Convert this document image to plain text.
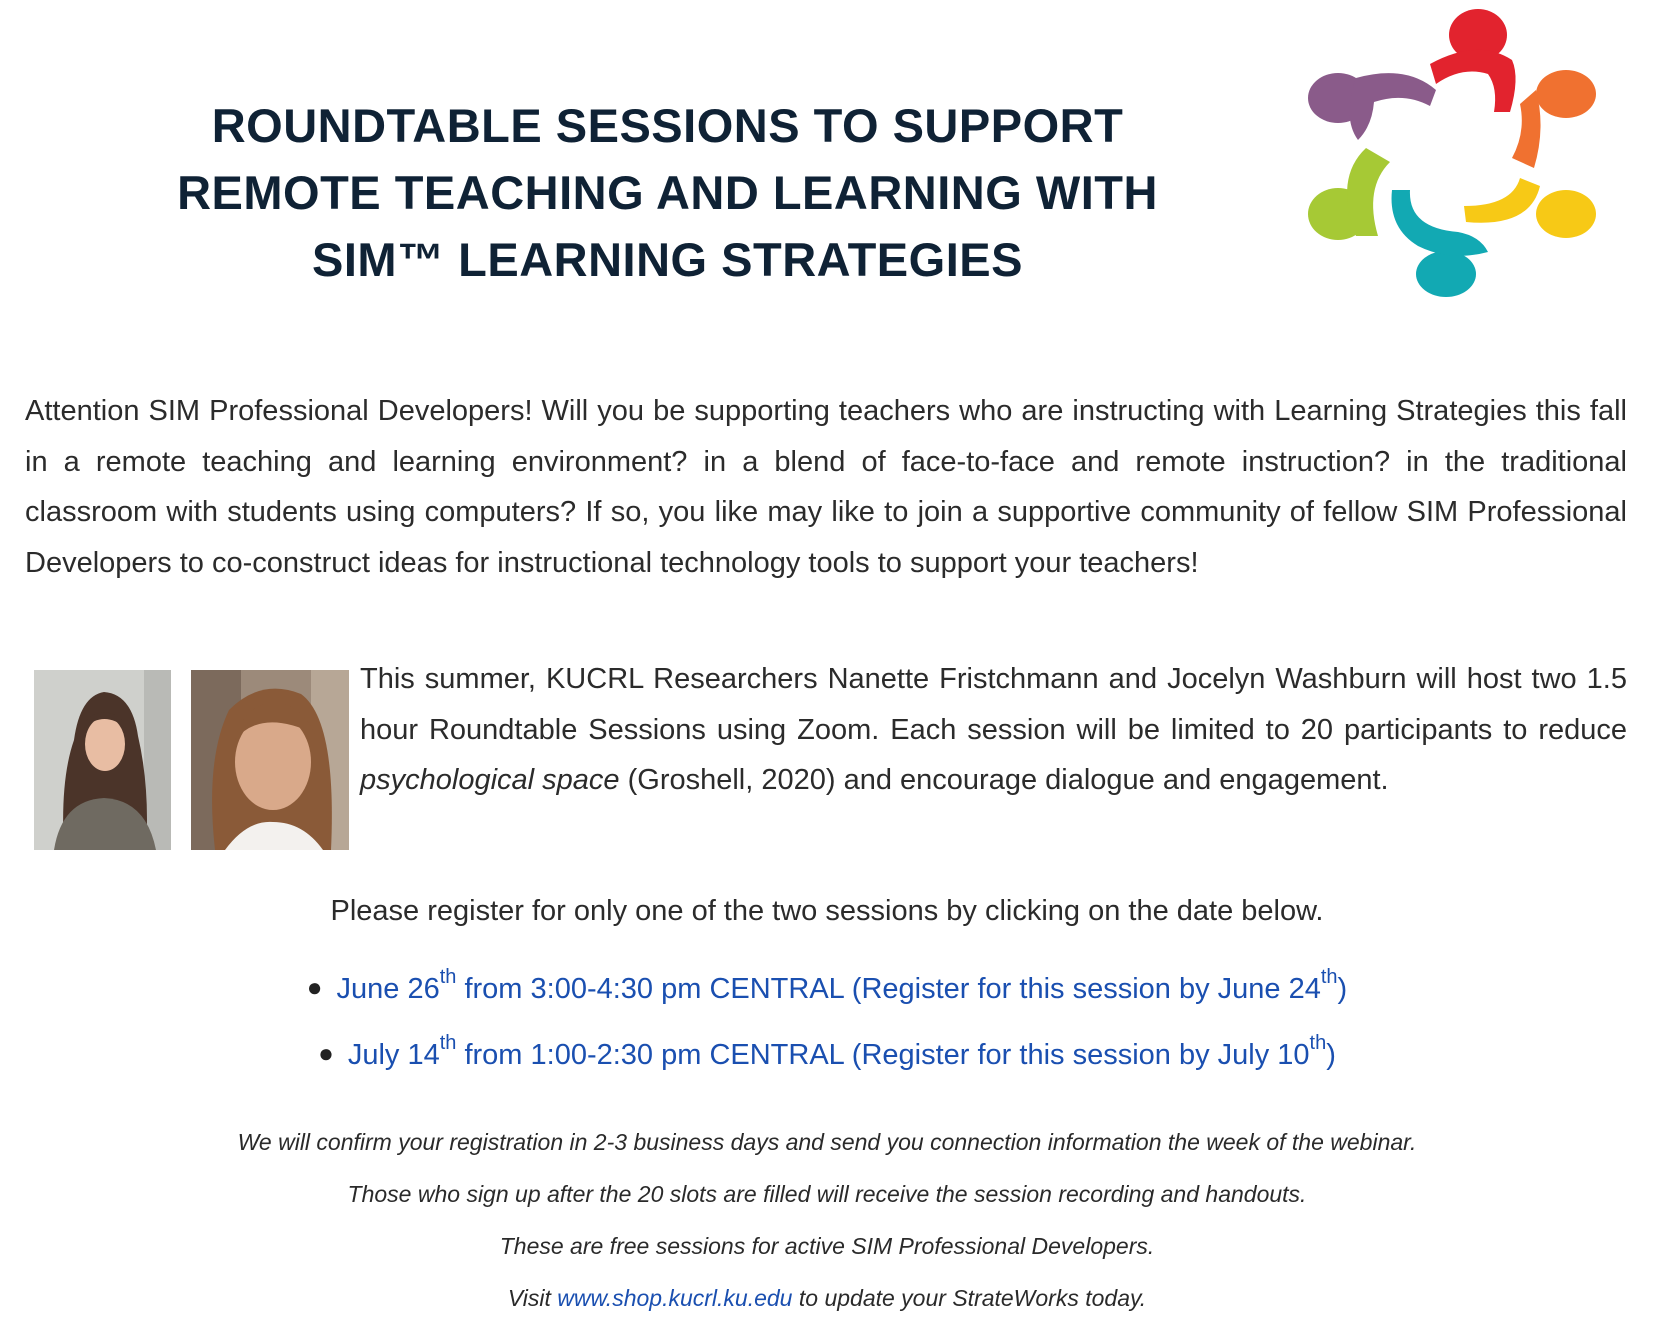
ROUNDTABLE SESSIONS TO SUPPORT
REMOTE TEACHING AND LEARNING WITH
SIM™ LEARNING STRATEGIES

Attention SIM Professional Developers! Will you be supporting teachers who are instructing with Learning Strategies this fall in a remote teaching and learning environment? in a blend of face-to-face and remote instruction? in the traditional classroom with students using computers? If so, you like may like to join a supportive community of fellow SIM Professional Developers to co-construct ideas for instructional technology tools to support your teachers!

This summer, KUCRL Researchers Nanette Fristchmann and Jocelyn Washburn will host two 1.5 hour Roundtable Sessions using Zoom. Each session will be limited to 20 participants to reduce psychological space (Groshell, 2020) and encourage dialogue and engagement.

Please register for only one of the two sessions by clicking on the date below.

● June 26th from 3:00-4:30 pm CENTRAL (Register for this session by June 24th)
● July 14th from 1:00-2:30 pm CENTRAL (Register for this session by July 10th)

We will confirm your registration in 2-3 business days and send you connection information the week of the webinar.

Those who sign up after the 20 slots are filled will receive the session recording and handouts.

These are free sessions for active SIM Professional Developers.

Visit www.shop.kucrl.ku.edu to update your StrateWorks today.
